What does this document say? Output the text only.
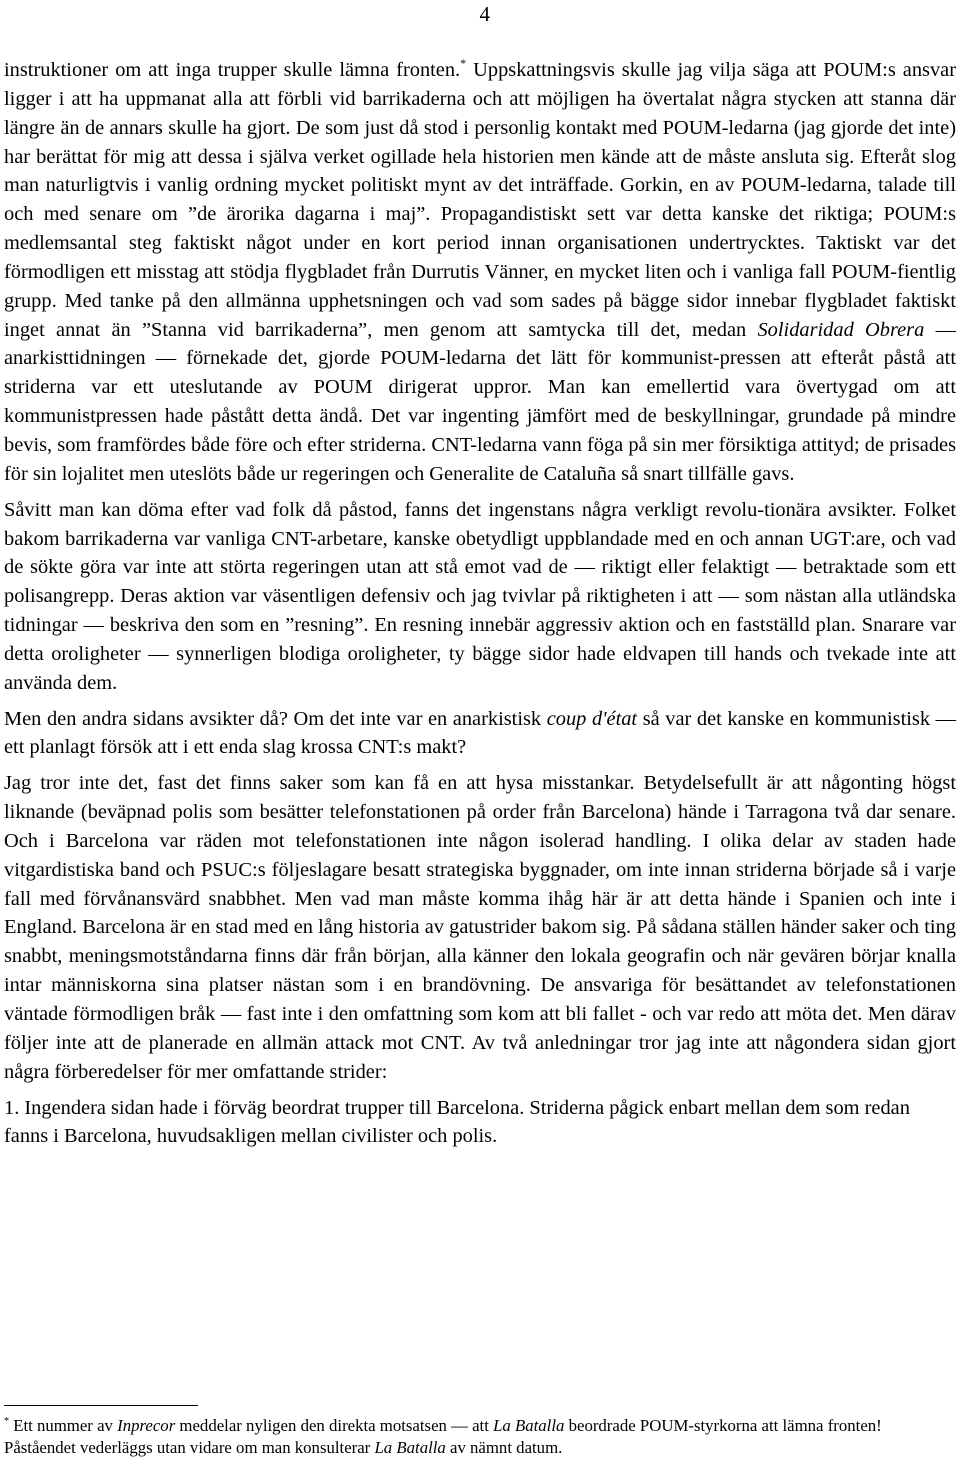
4

instruktioner om att inga trupper skulle lämna fronten.* Uppskattningsvis skulle jag vilja säga att POUM:s ansvar ligger i att ha uppmanat alla att förbli vid barrikaderna och att möjligen ha övertalat några stycken att stanna där längre än de annars skulle ha gjort. De som just då stod i personlig kontakt med POUM-ledarna (jag gjorde det inte) har berättat för mig att dessa i själva verket ogillade hela historien men kände att de måste ansluta sig. Efteråt slog man naturligtvis i vanlig ordning mycket politiskt mynt av det inträffade. Gorkin, en av POUM-ledarna, talade till och med senare om ”de ärorika dagarna i maj”. Propagandistiskt sett var detta kanske det riktiga; POUM:s medlemsantal steg faktiskt något under en kort period innan organisationen undertrycktes. Taktiskt var det förmodligen ett misstag att stödja flygbladet från Durrutis Vänner, en mycket liten och i vanliga fall POUM-fientlig grupp. Med tanke på den allmänna upphetsningen och vad som sades på bägge sidor innebar flygbladet faktiskt inget annat än ”Stanna vid barrikaderna”, men genom att samtycka till det, medan Solidaridad Obrera — anarkisttidningen — förnekade det, gjorde POUM-ledarna det lätt för kommunist-pressen att efteråt påstå att striderna var ett uteslutande av POUM dirigerat uppror. Man kan emellertid vara övertygad om att kommunistpressen hade påstått detta ändå. Det var ingenting jämfört med de beskyllningar, grundade på mindre bevis, som framfördes både före och efter striderna. CNT-ledarna vann föga på sin mer försiktiga attityd; de prisades för sin lojalitet men uteslöts både ur regeringen och Generalite de Cataluña så snart tillfälle gavs.

Såvitt man kan döma efter vad folk då påstod, fanns det ingenstans några verkligt revolu-tionära avsikter. Folket bakom barrikaderna var vanliga CNT-arbetare, kanske obetydligt uppblandade med en och annan UGT:are, och vad de sökte göra var inte att störta regeringen utan att stå emot vad de — riktigt eller felaktigt — betraktade som ett polisangrepp. Deras aktion var väsentligen defensiv och jag tvivlar på riktigheten i att — som nästan alla utländska tidningar — beskriva den som en ”resning”. En resning innebär aggressiv aktion och en fastställd plan. Snarare var detta oroligheter — synnerligen blodiga oroligheter, ty bägge sidor hade eldvapen till hands och tvekade inte att använda dem.

Men den andra sidans avsikter då? Om det inte var en anarkistisk coup d'état så var det kanske en kommunistisk — ett planlagt försök att i ett enda slag krossa CNT:s makt?

Jag tror inte det, fast det finns saker som kan få en att hysa misstankar. Betydelsefullt är att någonting högst liknande (beväpnad polis som besätter telefonstationen på order från Barcelona) hände i Tarragona två dar senare. Och i Barcelona var räden mot telefonstationen inte någon isolerad handling. I olika delar av staden hade vitgardistiska band och PSUC:s följeslagare besatt strategiska byggnader, om inte innan striderna började så i varje fall med förvånansvärd snabbhet. Men vad man måste komma ihåg här är att detta hände i Spanien och inte i England. Barcelona är en stad med en lång historia av gatustrider bakom sig. På sådana ställen händer saker och ting snabbt, meningsmotståndarna finns där från början, alla känner den lokala geografin och när gevären börjar knalla intar människorna sina platser nästan som i en brandövning. De ansvariga för besättandet av telefonstationen väntade förmodligen bråk — fast inte i den omfattning som kom att bli fallet - och var redo att möta det. Men därav följer inte att de planerade en allmän attack mot CNT. Av två anledningar tror jag inte att någondera sidan gjort några förberedelser för mer omfattande strider:

1. Ingendera sidan hade i förväg beordrat trupper till Barcelona. Striderna pågick enbart mellan dem som redan fanns i Barcelona, huvudsakligen mellan civilister och polis.

* Ett nummer av Inprecor meddelar nyligen den direkta motsatsen — att La Batalla beordrade POUM-styrkorna att lämna fronten! Påståendet vederläggs utan vidare om man konsulterar La Batalla av nämnt datum.
